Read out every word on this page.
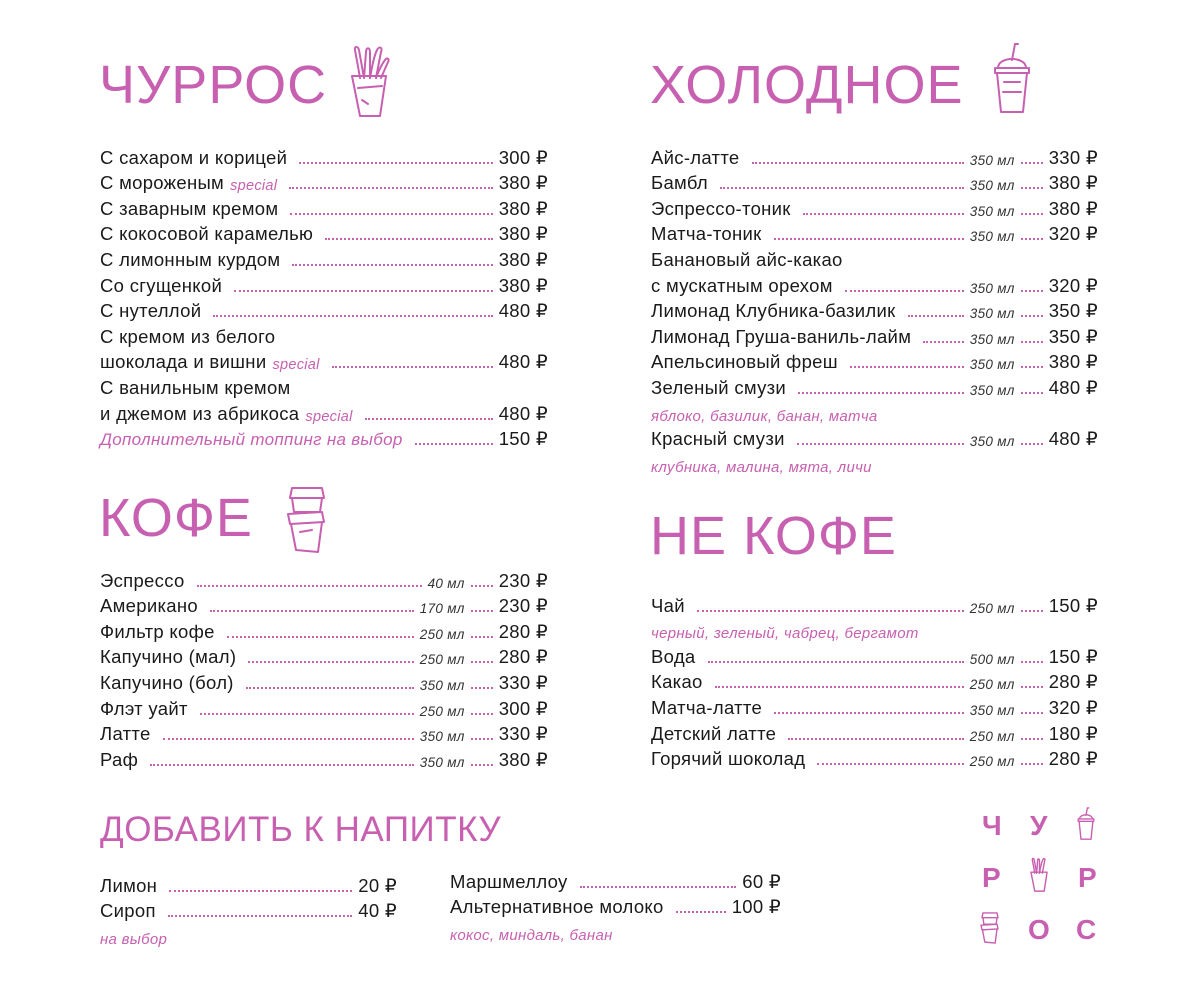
ЧУРРОС
С сахаром и корицей	300 ₽
С мороженым special	380 ₽
С заварным кремом	380 ₽
С кокосовой карамелью	380 ₽
С лимонным курдом	380 ₽
Со сгущенкой	380 ₽
С нутеллой	480 ₽
С кремом из белого
шоколада и вишни special	480 ₽
С ванильным кремом
и джемом из абрикоса special	480 ₽
Дополнительный топпинг на выбор	150 ₽
ХОЛОДНОЕ
Айс-латте	350 мл 330 ₽
Бамбл	350 мл 380 ₽
Эспрессо-тоник	350 мл 380 ₽
Матча-тоник	350 мл 320 ₽
Банановый айс-какао
с мускатным орехом	350 мл 320 ₽
Лимонад Клубника-базилик	350 мл 350 ₽
Лимонад Груша-ваниль-лайм	350 мл 350 ₽
Апельсиновый фреш	350 мл 380 ₽
Зеленый смузи	350 мл 480 ₽
яблоко, базилик, банан, матча
Красный смузи	350 мл 480 ₽
клубника, малина, мята, личи
КОФЕ
Эспрессо	40 мл 230 ₽
Американо	170 мл 230 ₽
Фильтр кофе	250 мл 280 ₽
Капучино (мал)	250 мл 280 ₽
Капучино (бол)	350 мл 330 ₽
Флэт уайт	250 мл 300 ₽
Латте	350 мл 330 ₽
Раф	350 мл 380 ₽
НЕ КОФЕ
Чай	250 мл 150 ₽
черный, зеленый, чабрец, бергамот
Вода	500 мл 150 ₽
Какао	250 мл 280 ₽
Матча-латте	350 мл 320 ₽
Детский латте	250 мл 180 ₽
Горячий шоколад	250 мл 280 ₽
ДОБАВИТЬ К НАПИТКУ
Лимон	20 ₽
Сироп	40 ₽
на выбор
Маршмеллоу	60 ₽
Альтернативное молоко	100 ₽
кокос, миндаль, банан
Ч У
Р	Р
О С
